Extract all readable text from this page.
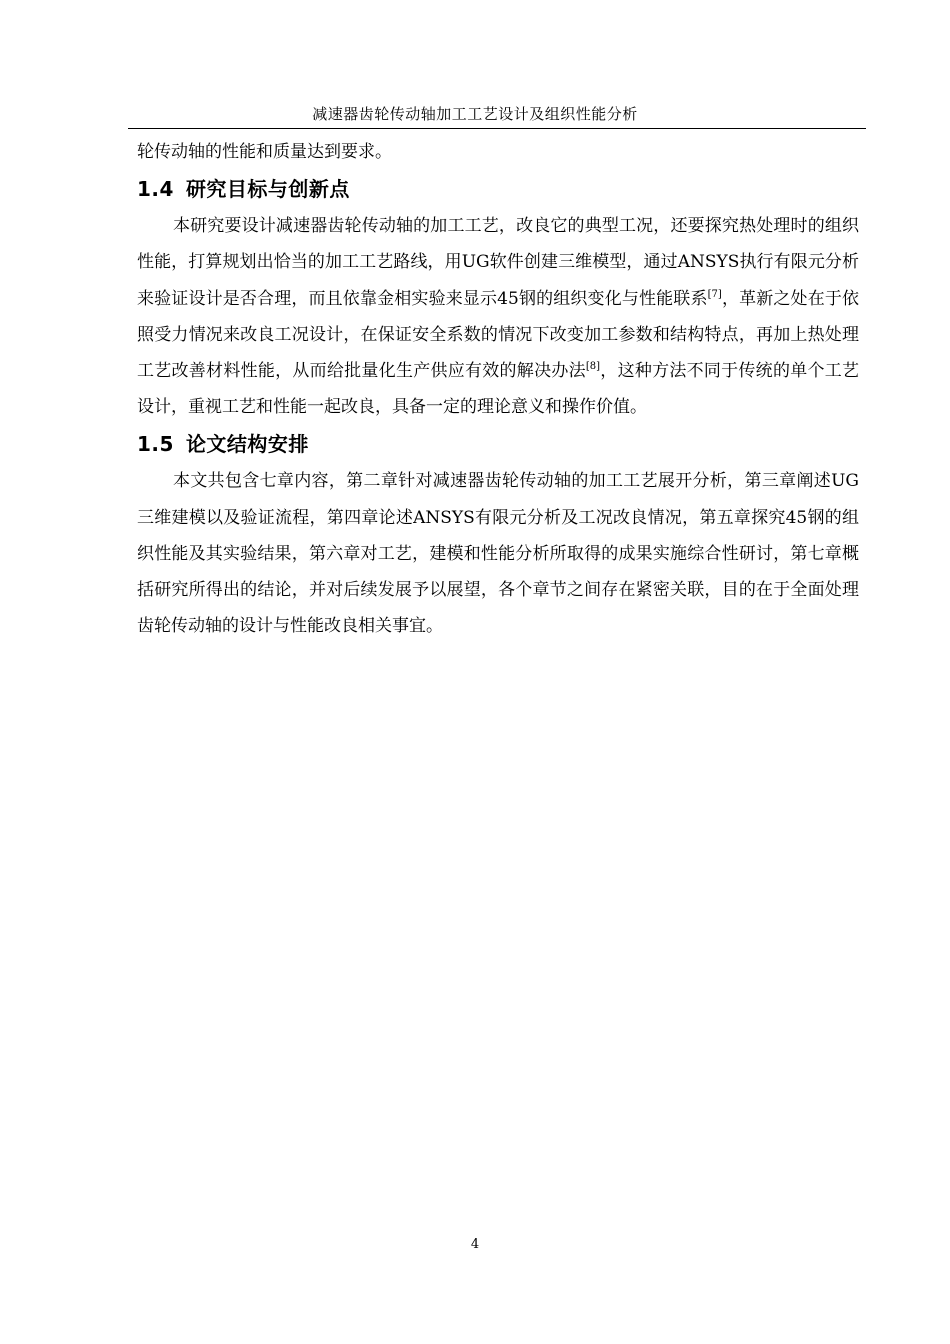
减速器齿轮传动轴加工工艺设计及组织性能分析

轮传动轴的性能和质量达到要求。

1.4 研究目标与创新点

本研究要设计减速器齿轮传动轴的加工工艺，改良它的典型工况，还要探究热处理时的组织性能，打算规划出恰当的加工工艺路线，用UG软件创建三维模型，通过ANSYS执行有限元分析来验证设计是否合理，而且依靠金相实验来显示45钢的组织变化与性能联系[7]，革新之处在于依照受力情况来改良工况设计，在保证安全系数的情况下改变加工参数和结构特点，再加上热处理工艺改善材料性能，从而给批量化生产供应有效的解决办法[8]，这种方法不同于传统的单个工艺设计，重视工艺和性能一起改良，具备一定的理论意义和操作价值。

1.5 论文结构安排

本文共包含七章内容，第二章针对减速器齿轮传动轴的加工工艺展开分析，第三章阐述UG三维建模以及验证流程，第四章论述ANSYS有限元分析及工况改良情况，第五章探究45钢的组织性能及其实验结果，第六章对工艺，建模和性能分析所取得的成果实施综合性研讨，第七章概括研究所得出的结论，并对后续发展予以展望，各个章节之间存在紧密关联，目的在于全面处理齿轮传动轴的设计与性能改良相关事宜。

4
